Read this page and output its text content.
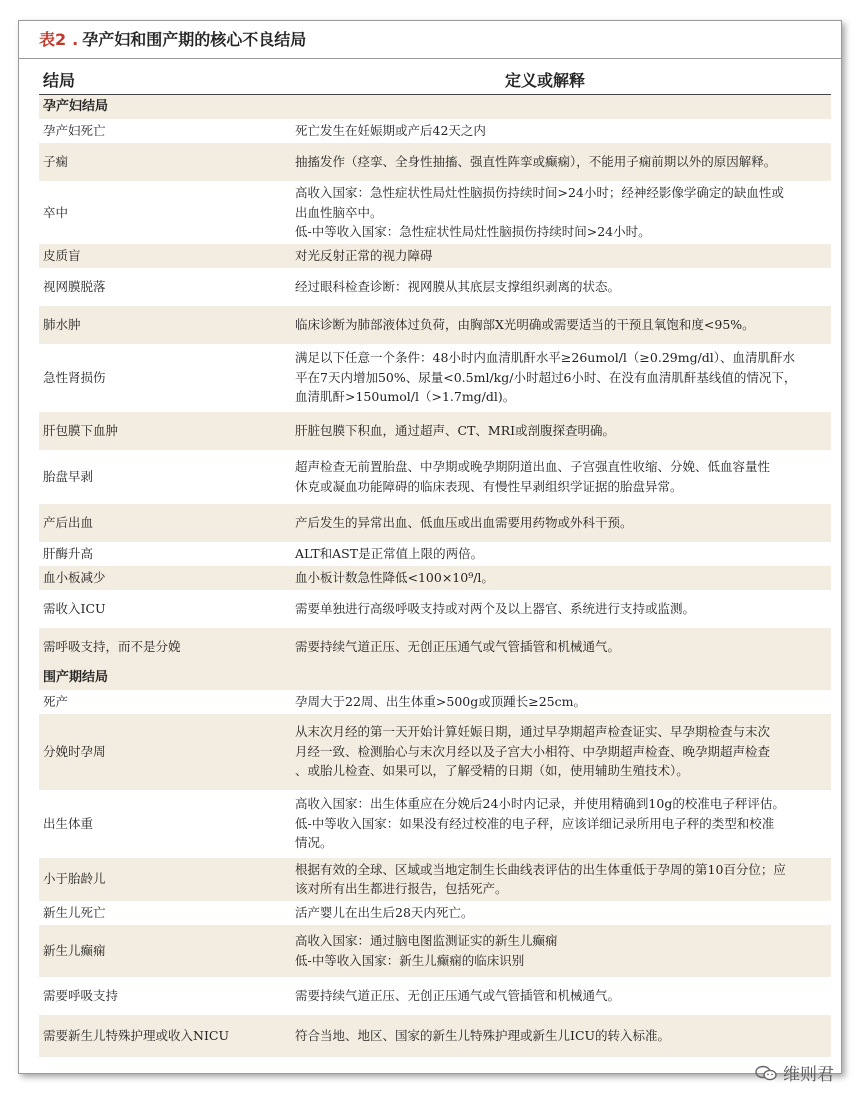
表2 . 孕产妇和围产期的核心不良结局
结局	定义或解释
孕产妇结局	
孕产妇死亡	死亡发生在妊娠期或产后42天之内

子痫	抽搐发作（痉挛、全身性抽搐、强直性阵挛或癫痫），不能用子痫前期以外的原因解释。

卒中	高收入国家：急性症状性局灶性脑损伤持续时间>24小时；经神经影像学确定的缺血性或
出血性脑卒中。
低-中等收入国家：急性症状性局灶性脑损伤持续时间>24小时。

皮质盲	对光反射正常的视力障碍

视网膜脱落	经过眼科检查诊断：视网膜从其底层支撑组织剥离的状态。

肺水肿	临床诊断为肺部液体过负荷，由胸部X光明确或需要适当的干预且氧饱和度<95%。

急性肾损伤	满足以下任意一个条件：48小时内血清肌酐水平≥26umol/l（≥0.29mg/dl）、血清肌酐水
平在7天内增加50%、尿量<0.5ml/kg/小时超过6小时、在没有血清肌酐基线值的情况下，
血清肌酐>150umol/l（>1.7mg/dl)。

肝包膜下血肿	肝脏包膜下积血，通过超声、CT、MRI或剖腹探查明确。

胎盘早剥	超声检查无前置胎盘、中孕期或晚孕期阴道出血、子宫强直性收缩、分娩、低血容量性
休克或凝血功能障碍的临床表现、有慢性早剥组织学证据的胎盘异常。

产后出血	产后发生的异常出血、低血压或出血需要用药物或外科干预。

肝酶升高	ALT和AST是正常值上限的两倍。

血小板减少	血小板计数急性降低<100×10⁹/l。

需收入ICU	需要单独进行高级呼吸支持或对两个及以上器官、系统进行支持或监测。

需呼吸支持，而不是分娩	需要持续气道正压、无创正压通气或气管插管和机械通气。

围产期结局	
死产	孕周大于22周、出生体重>500g或顶踵长≥25cm。

分娩时孕周	从末次月经的第一天开始计算妊娠日期，通过早孕期超声检查证实、早孕期检查与末次
月经一致、检测胎心与末次月经以及子宫大小相符、中孕期超声检查、晚孕期超声检查
、或胎儿检查、如果可以，了解受精的日期（如，使用辅助生殖技术）。

出生体重	高收入国家：出生体重应在分娩后24小时内记录，并使用精确到10g的校准电子秤评估。
低-中等收入国家：如果没有经过校准的电子秤，应该详细记录所用电子秤的类型和校准
情况。

小于胎龄儿	根据有效的全球、区域或当地定制生长曲线表评估的出生体重低于孕周的第10百分位；应
该对所有出生都进行报告，包括死产。

新生儿死亡	活产婴儿在出生后28天内死亡。

新生儿癫痫	高收入国家：通过脑电图监测证实的新生儿癫痫
低-中等收入国家：新生儿癫痫的临床识别

需要呼吸支持	需要持续气道正压、无创正压通气或气管插管和机械通气。

需要新生儿特殊护理或收入NICU	符合当地、地区、国家的新生儿特殊护理或新生儿ICU的转入标准。
维则君
